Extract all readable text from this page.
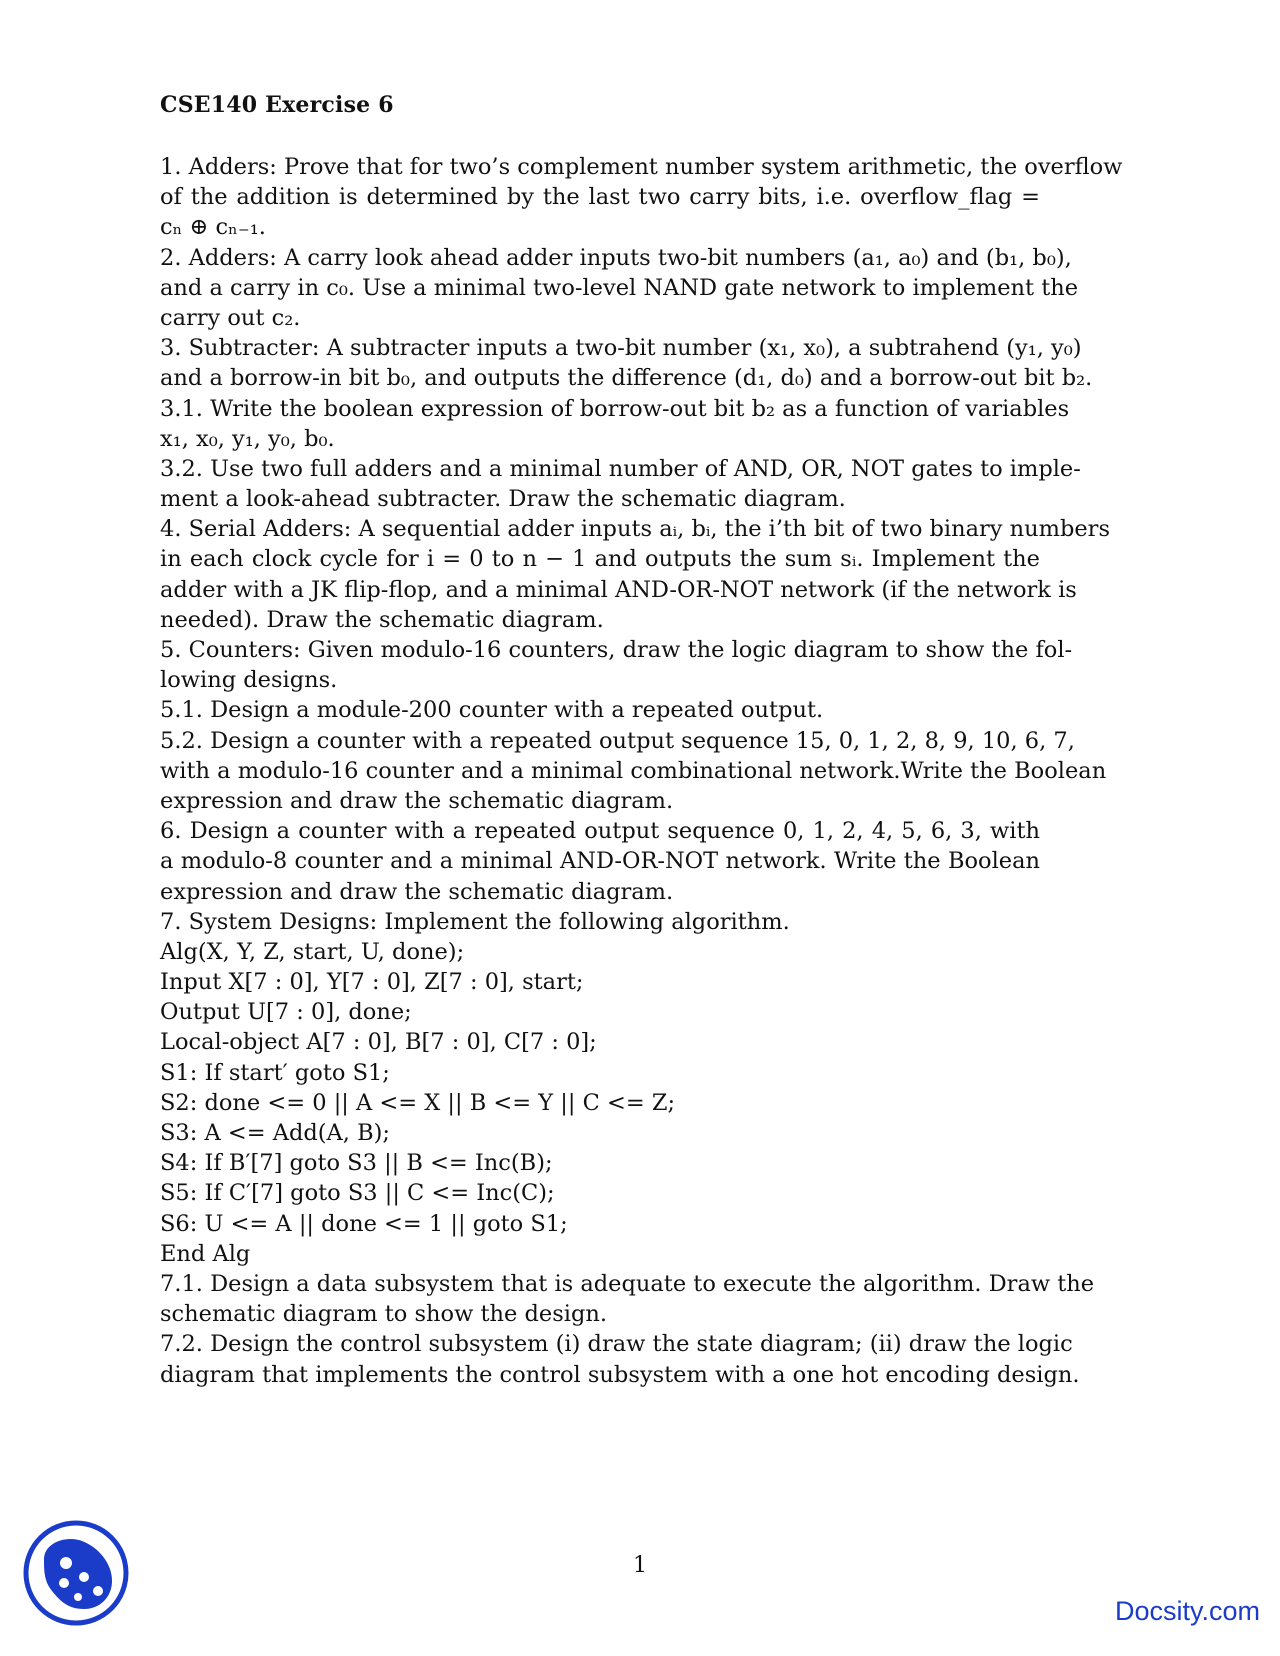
CSE140 Exercise 6
1. Adders: Prove that for two’s complement number system arithmetic, the overflow
of the addition is determined by the last two carry bits, i.e. overflow_flag =
cₙ ⊕ cₙ₋₁.
2. Adders: A carry look ahead adder inputs two-bit numbers (a₁, a₀) and (b₁, b₀),
and a carry in c₀. Use a minimal two-level NAND gate network to implement the
carry out c₂.
3. Subtracter: A subtracter inputs a two-bit number (x₁, x₀), a subtrahend (y₁, y₀)
and a borrow-in bit b₀, and outputs the difference (d₁, d₀) and a borrow-out bit b₂.
3.1. Write the boolean expression of borrow-out bit b₂ as a function of variables
x₁, x₀, y₁, y₀, b₀.
3.2. Use two full adders and a minimal number of AND, OR, NOT gates to imple-
ment a look-ahead subtracter. Draw the schematic diagram.
4. Serial Adders: A sequential adder inputs aᵢ, bᵢ, the i’th bit of two binary numbers
in each clock cycle for i = 0 to n − 1 and outputs the sum sᵢ. Implement the
adder with a JK flip-flop, and a minimal AND-OR-NOT network (if the network is
needed). Draw the schematic diagram.
5. Counters: Given modulo-16 counters, draw the logic diagram to show the fol-
lowing designs.
5.1. Design a module-200 counter with a repeated output.
5.2. Design a counter with a repeated output sequence 15, 0, 1, 2, 8, 9, 10, 6, 7,
with a modulo-16 counter and a minimal combinational network.Write the Boolean
expression and draw the schematic diagram.
6. Design a counter with a repeated output sequence 0, 1, 2, 4, 5, 6, 3, with
a modulo-8 counter and a minimal AND-OR-NOT network. Write the Boolean
expression and draw the schematic diagram.
7. System Designs: Implement the following algorithm.
Alg(X, Y, Z, start, U, done);
Input X[7 : 0], Y[7 : 0], Z[7 : 0], start;
Output U[7 : 0], done;
Local-object A[7 : 0], B[7 : 0], C[7 : 0];
S1: If start′ goto S1;
S2: done <= 0 || A <= X || B <= Y || C <= Z;
S3: A <= Add(A, B);
S4: If B′[7] goto S3 || B <= Inc(B);
S5: If C′[7] goto S3 || C <= Inc(C);
S6: U <= A || done <= 1 || goto S1;
End Alg
7.1. Design a data subsystem that is adequate to execute the algorithm. Draw the
schematic diagram to show the design.
7.2. Design the control subsystem (i) draw the state diagram; (ii) draw the logic
diagram that implements the control subsystem with a one hot encoding design.
1
Docsity.com
